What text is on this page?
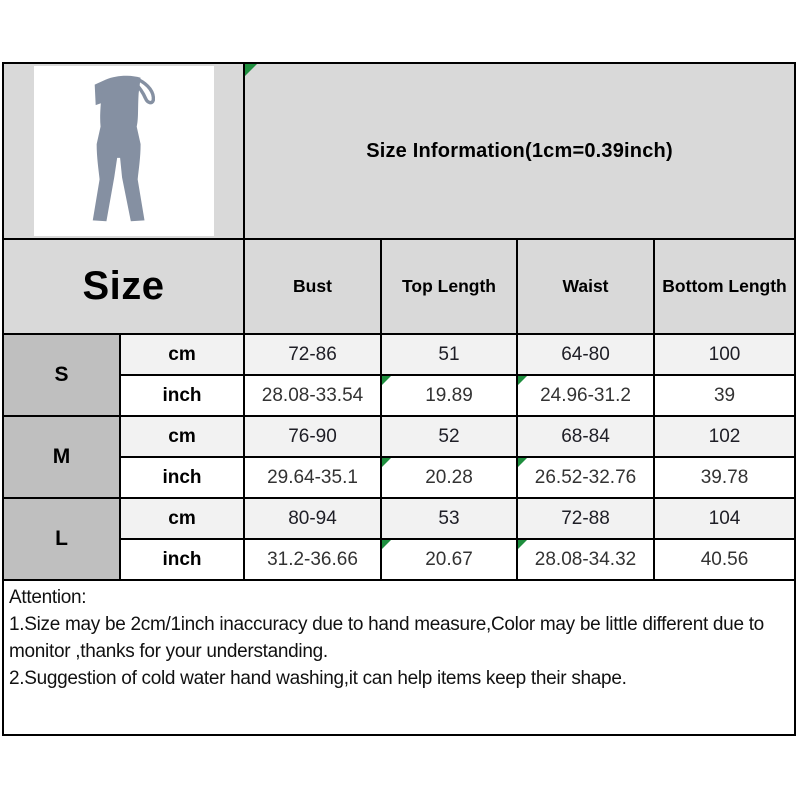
Size Information(1cm=0.39inch)			
Size		Bust	Top Length	Waist	Bottom Length
S	cm	72-86	51	64-80	100
	inch	28.08-33.54	19.89	24.96-31.2	39
M	cm	76-90	52	68-84	102
	inch	29.64-35.1	20.28	26.52-32.76	39.78
L	cm	80-94	53	72-88	104
	inch	31.2-36.66	20.67	28.08-34.32	40.56

Attention:
1.Size may be 2cm/1inch inaccuracy due to hand measure,Color may be little different due to monitor ,thanks for your understanding.
2.Suggestion of cold water hand washing,it can help items keep their shape.					
